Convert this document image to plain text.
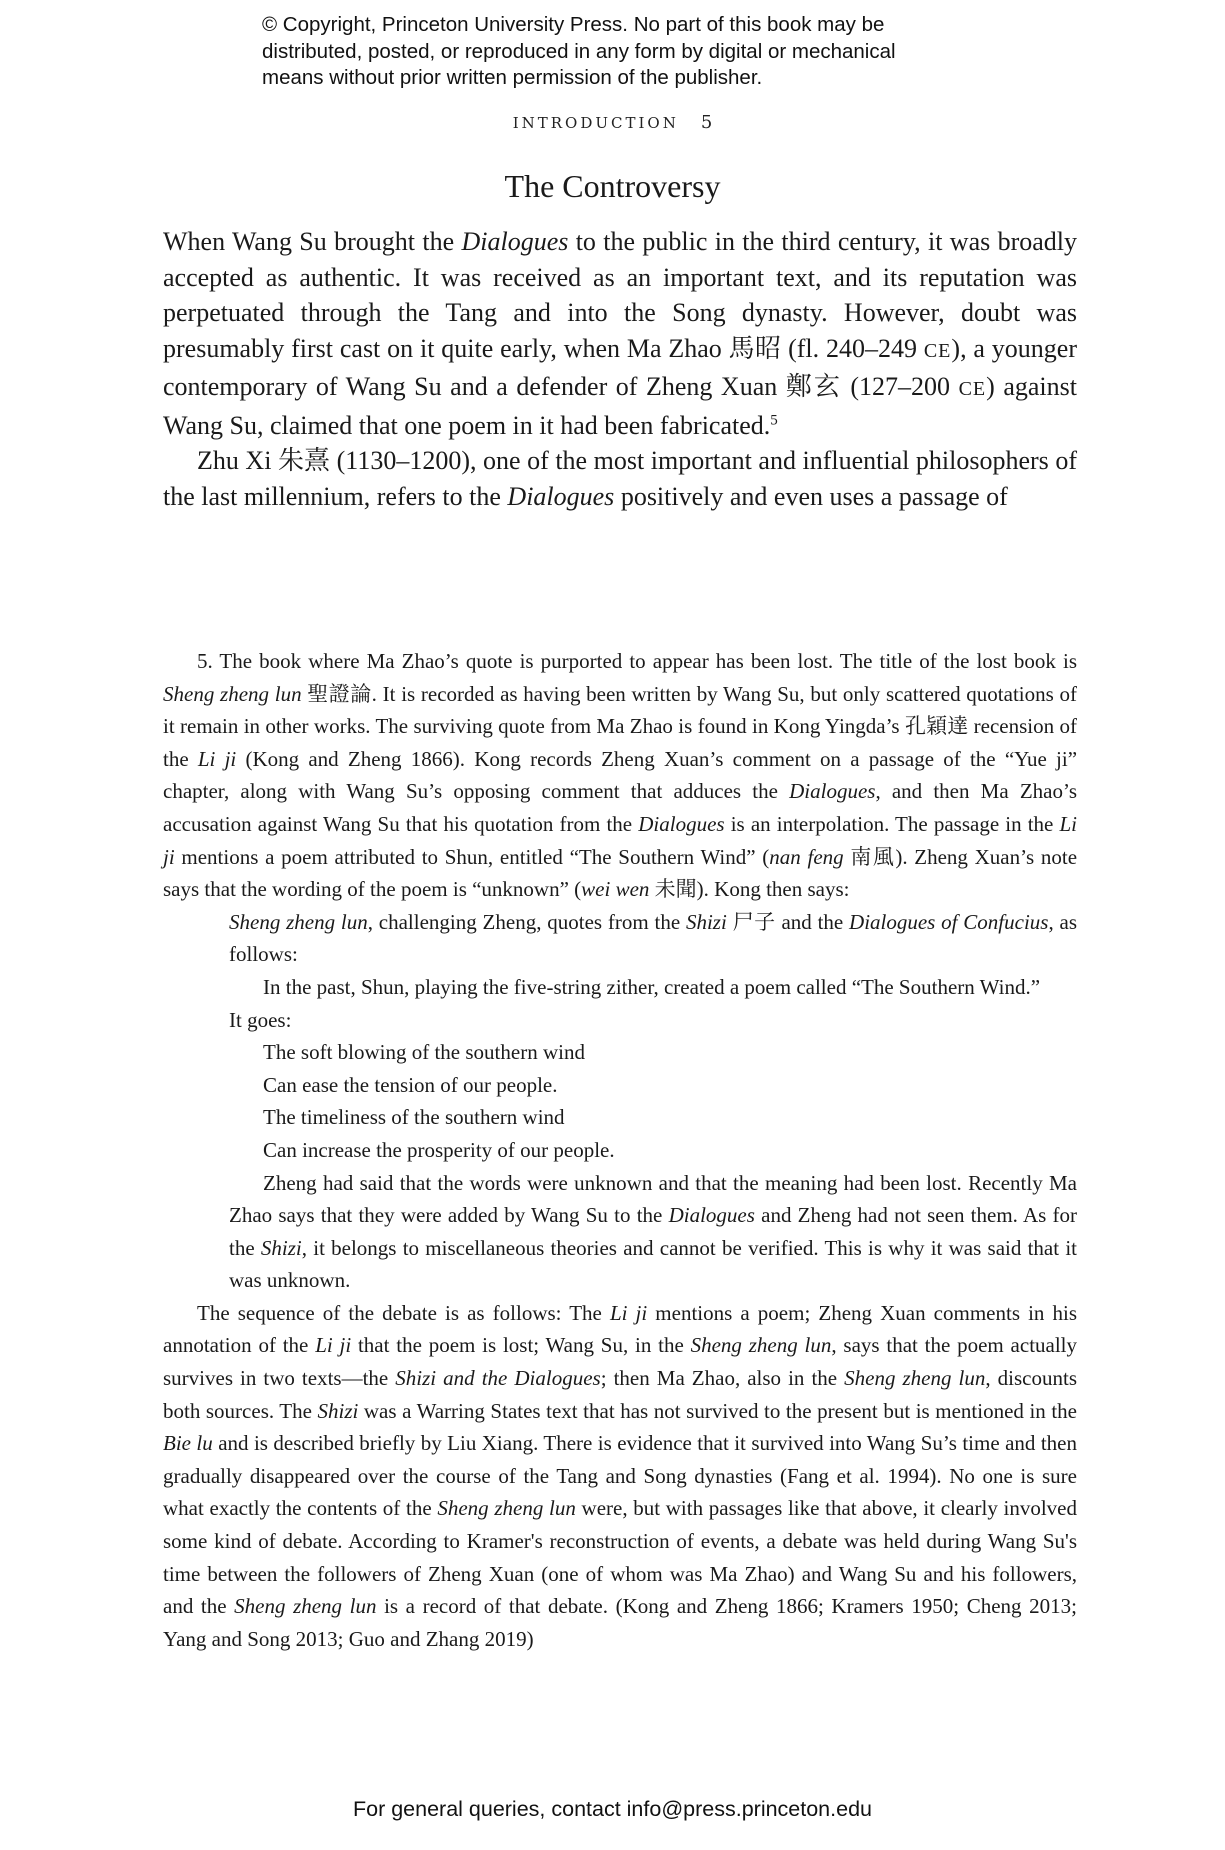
© Copyright, Princeton University Press. No part of this book may be
distributed, posted, or reproduced in any form by digital or mechanical
means without prior written permission of the publisher.
INTRODUCTION 5
The Controversy

When Wang Su brought the Dialogues to the public in the third century, it was broadly accepted as authentic. It was received as an important text, and its reputation was perpetuated through the Tang and into the Song dynasty. However, doubt was presumably first cast on it quite early, when Ma Zhao 馬昭 (fl. 240–249 CE), a younger contemporary of Wang Su and a defender of Zheng Xuan 鄭玄 (127–200 CE) against Wang Su, claimed that one poem in it had been fabricated.$^5$

Zhu Xi 朱熹 (1130–1200), one of the most important and influential philosophers of the last millennium, refers to the Dialogues positively and even uses a passage of

5. The book where Ma Zhao’s quote is purported to appear has been lost. The title of the lost book is Sheng zheng lun 聖證論. It is recorded as having been written by Wang Su, but only scattered quotations of it remain in other works. The surviving quote from Ma Zhao is found in Kong Yingda’s 孔穎達 recension of the Li ji (Kong and Zheng 1866). Kong records Zheng Xuan’s comment on a passage of the “Yue ji” chapter, along with Wang Su’s opposing comment that adduces the Dialogues, and then Ma Zhao’s accusation against Wang Su that his quotation from the Dialogues is an interpolation. The passage in the Li ji mentions a poem attributed to Shun, entitled “The Southern Wind” (nan feng 南風). Zheng Xuan’s note says that the wording of the poem is “unknown” (wei wen 未聞). Kong then says:

Sheng zheng lun, challenging Zheng, quotes from the Shizi 尸子 and the Dialogues of Confucius, as follows:

In the past, Shun, playing the five-string zither, created a poem called “The Southern Wind.”

It goes:

The soft blowing of the southern wind

Can ease the tension of our people.

The timeliness of the southern wind

Can increase the prosperity of our people.

Zheng had said that the words were unknown and that the meaning had been lost. Recently Ma Zhao says that they were added by Wang Su to the Dialogues and Zheng had not seen them. As for the Shizi, it belongs to miscellaneous theories and cannot be verified. This is why it was said that it was unknown.

The sequence of the debate is as follows: The Li ji mentions a poem; Zheng Xuan comments in his annotation of the Li ji that the poem is lost; Wang Su, in the Sheng zheng lun, says that the poem actually survives in two texts—the Shizi and the Dialogues; then Ma Zhao, also in the Sheng zheng lun, discounts both sources. The Shizi was a Warring States text that has not survived to the present but is mentioned in the Bie lu and is described briefly by Liu Xiang. There is evidence that it survived into Wang Su’s time and then gradually disappeared over the course of the Tang and Song dynasties (Fang et al. 1994). No one is sure what exactly the contents of the Sheng zheng lun were, but with passages like that above, it clearly involved some kind of debate. According to Kramer's reconstruction of events, a debate was held during Wang Su's time between the followers of Zheng Xuan (one of whom was Ma Zhao) and Wang Su and his followers, and the Sheng zheng lun is a record of that debate. (Kong and Zheng 1866; Kramers 1950; Cheng 2013; Yang and Song 2013; Guo and Zhang 2019)

For general queries, contact info@press.princeton.edu
